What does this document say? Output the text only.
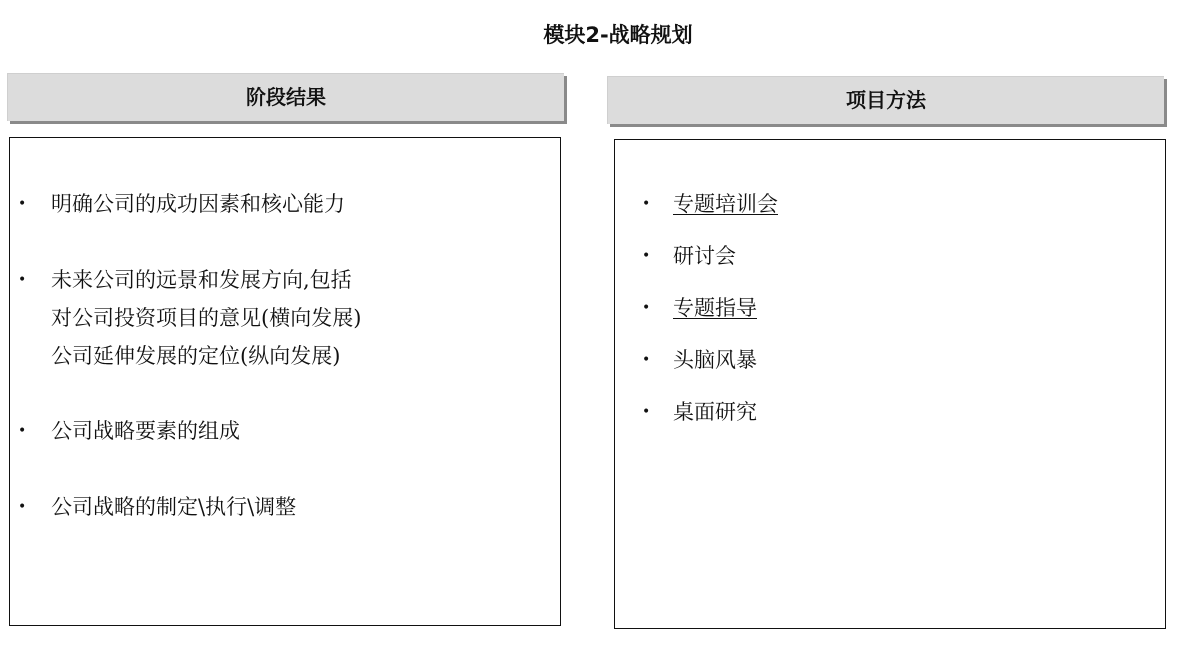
模块2-战略规划
阶段结果	项目方法
• 明确公司的成功因素和核心能力
• 未来公司的远景和发展方向,包括
对公司投资项目的意见(横向发展)
公司延伸发展的定位(纵向发展)
• 公司战略要素的组成
• 公司战略的制定\执行\调整
• 专题培训会
• 研讨会
• 专题指导
• 头脑风暴
• 桌面研究
